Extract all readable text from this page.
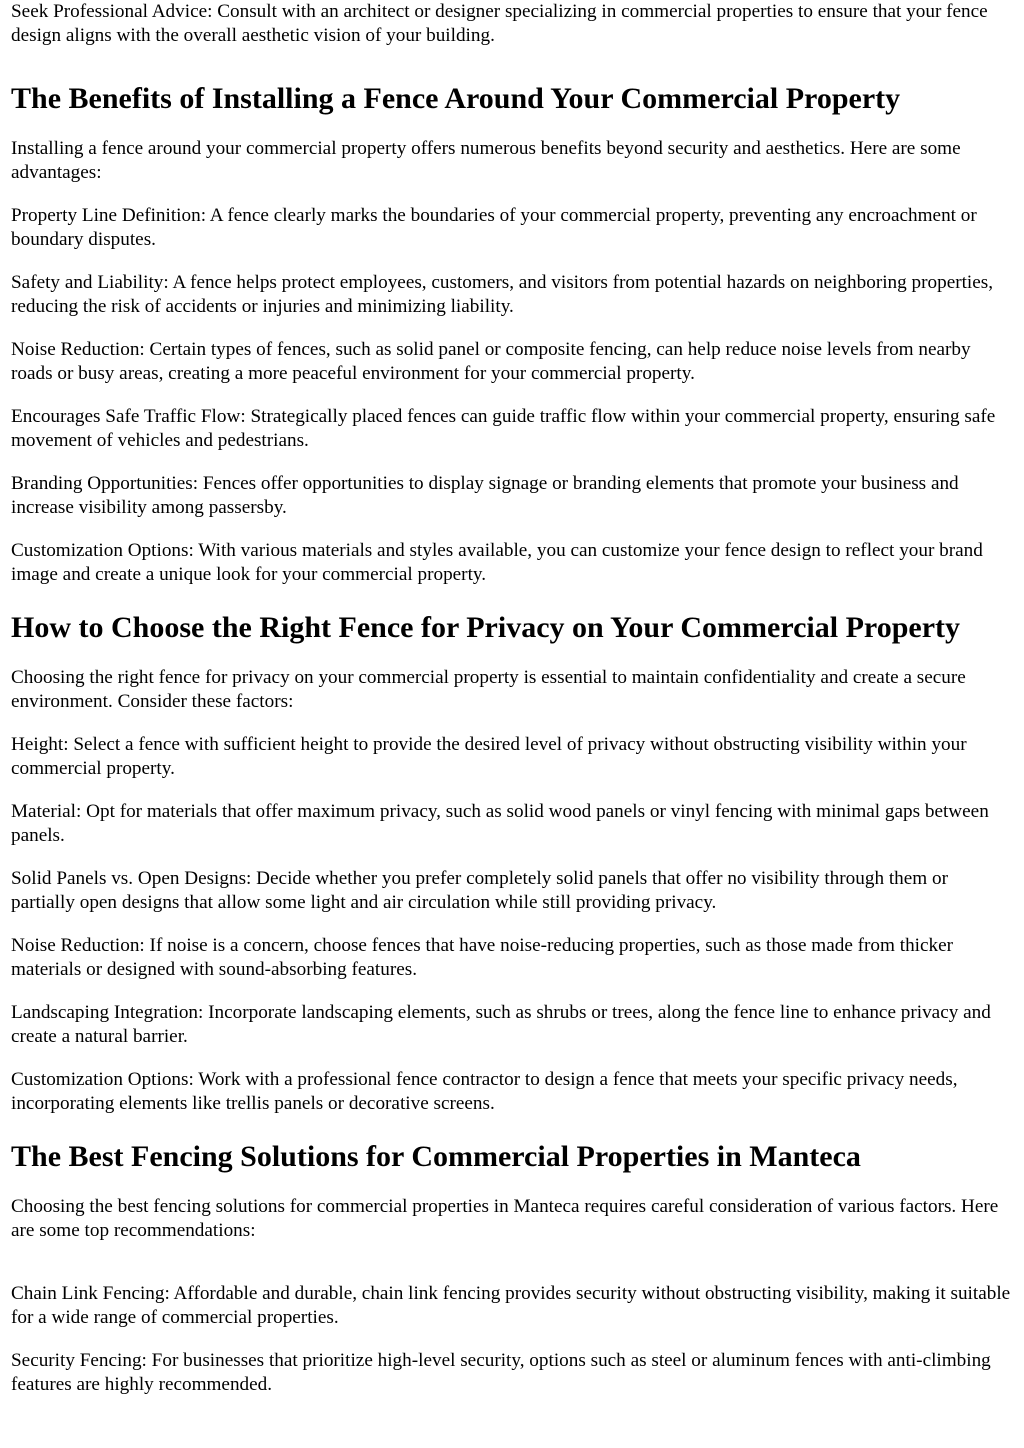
Seek Professional Advice: Consult with an architect or designer specializing in commercial properties to ensure that your fence design aligns with the overall aesthetic vision of your building.

The Benefits of Installing a Fence Around Your Commercial Property

Installing a fence around your commercial property offers numerous benefits beyond security and aesthetics. Here are some advantages:

Property Line Definition: A fence clearly marks the boundaries of your commercial property, preventing any encroachment or boundary disputes.

Safety and Liability: A fence helps protect employees, customers, and visitors from potential hazards on neighboring properties, reducing the risk of accidents or injuries and minimizing liability.

Noise Reduction: Certain types of fences, such as solid panel or composite fencing, can help reduce noise levels from nearby roads or busy areas, creating a more peaceful environment for your commercial property.

Encourages Safe Traffic Flow: Strategically placed fences can guide traffic flow within your commercial property, ensuring safe movement of vehicles and pedestrians.

Branding Opportunities: Fences offer opportunities to display signage or branding elements that promote your business and increase visibility among passersby.

Customization Options: With various materials and styles available, you can customize your fence design to reflect your brand image and create a unique look for your commercial property.

How to Choose the Right Fence for Privacy on Your Commercial Property

Choosing the right fence for privacy on your commercial property is essential to maintain confidentiality and create a secure environment. Consider these factors:

Height: Select a fence with sufficient height to provide the desired level of privacy without obstructing visibility within your commercial property.

Material: Opt for materials that offer maximum privacy, such as solid wood panels or vinyl fencing with minimal gaps between panels.

Solid Panels vs. Open Designs: Decide whether you prefer completely solid panels that offer no visibility through them or partially open designs that allow some light and air circulation while still providing privacy.

Noise Reduction: If noise is a concern, choose fences that have noise-reducing properties, such as those made from thicker materials or designed with sound-absorbing features.

Landscaping Integration: Incorporate landscaping elements, such as shrubs or trees, along the fence line to enhance privacy and create a natural barrier.

Customization Options: Work with a professional fence contractor to design a fence that meets your specific privacy needs, incorporating elements like trellis panels or decorative screens.

The Best Fencing Solutions for Commercial Properties in Manteca

Choosing the best fencing solutions for commercial properties in Manteca requires careful consideration of various factors. Here are some top recommendations:

Chain Link Fencing: Affordable and durable, chain link fencing provides security without obstructing visibility, making it suitable for a wide range of commercial properties.

Security Fencing: For businesses that prioritize high-level security, options such as steel or aluminum fences with anti-climbing features are highly recommended.
